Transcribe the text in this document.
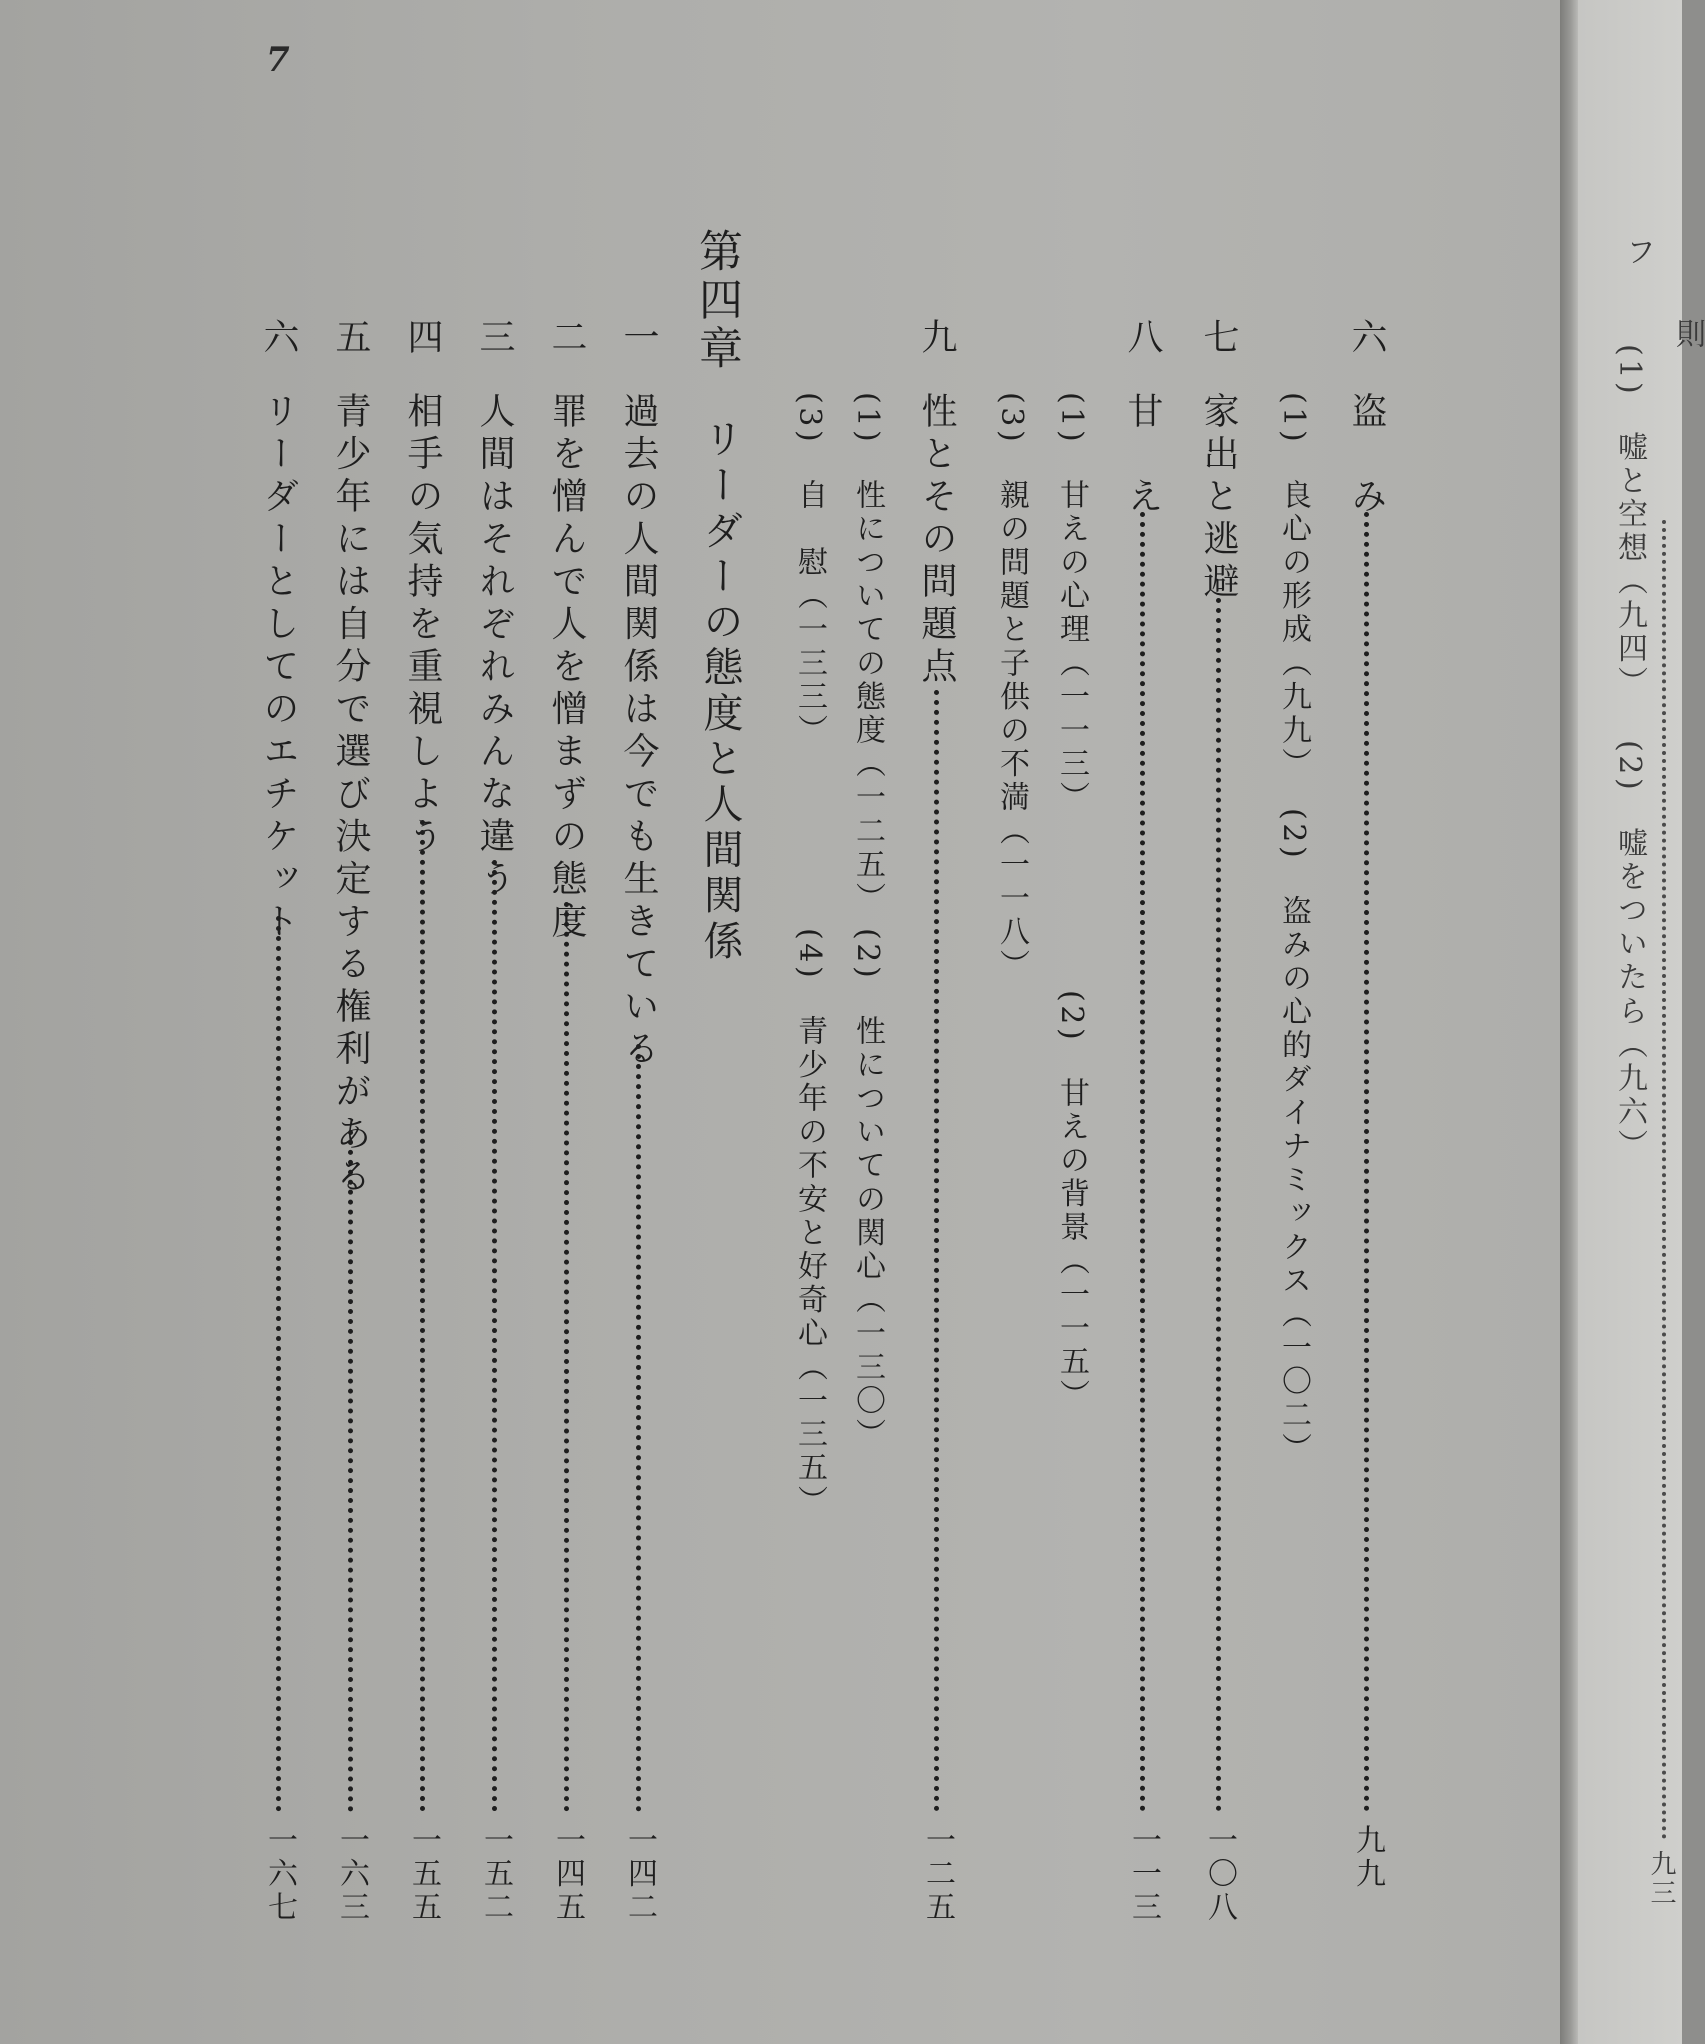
7
六
盗　み
九九
(1)　良心の形成（九九）
(2)　盗みの心的ダイナミックス（一〇二）
七
家出と逃避
一〇八
八
甘　え
一一三
(1)　甘えの心理（一一三）
(2)　甘えの背景（一一五）
(3)　親の問題と子供の不満（一一八）
九
性とその問題点
一二五
(1)　性についての態度（一二五）
(2)　性についての関心（一三〇）
(3)　自　慰（一三三）
(4)　青少年の不安と好奇心（一三五）
第四章
リーダーの態度と人間関係
一
過去の人間関係は今でも生きている
一四二
二
罪を憎んで人を憎まずの態度
一四五
三
人間はそれぞれみんな違う
一五二
四
相手の気持を重視しよう
一五五
五
青少年には自分で選び決定する権利がある
一六三
六
リーダーとしてのエチケット
一六七
フ
則
(1)　嘘と空想（九四）
(2)　嘘をついたら（九六）
九三
